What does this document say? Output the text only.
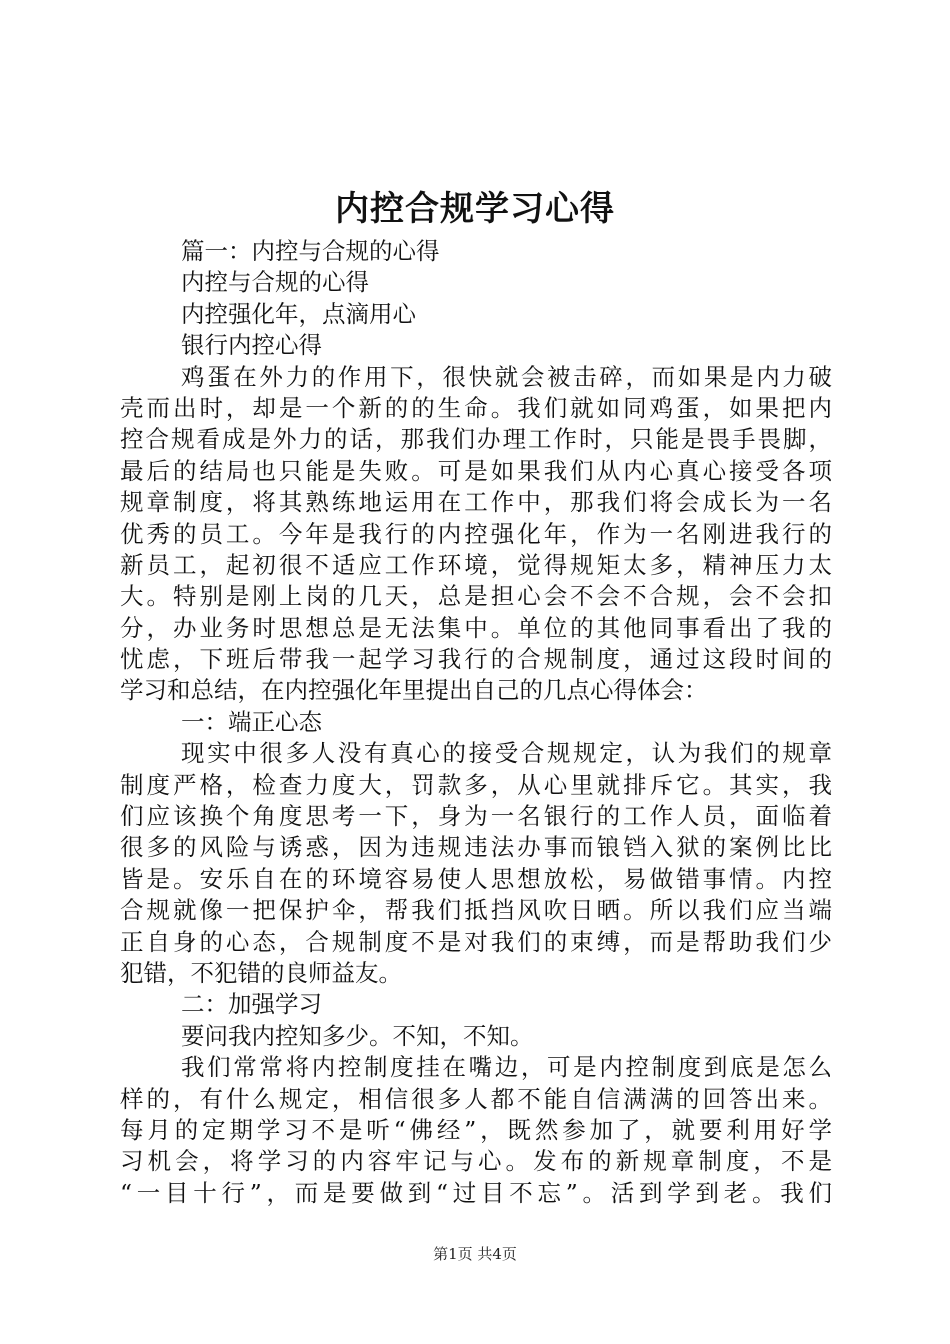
内控合规学习心得
篇一：内控与合规的心得
内控与合规的心得
内控强化年，点滴用心
银行内控心得
鸡蛋在外力的作用下，很快就会被击碎，而如果是内力破
壳而出时，却是一个新的的生命。我们就如同鸡蛋，如果把内
控合规看成是外力的话，那我们办理工作时，只能是畏手畏脚，
最后的结局也只能是失败。可是如果我们从内心真心接受各项
规章制度，将其熟练地运用在工作中，那我们将会成长为一名
优秀的员工。今年是我行的内控强化年，作为一名刚进我行的
新员工，起初很不适应工作环境，觉得规矩太多，精神压力太
大。特别是刚上岗的几天，总是担心会不会不合规，会不会扣
分，办业务时思想总是无法集中。单位的其他同事看出了我的
忧虑，下班后带我一起学习我行的合规制度，通过这段时间的
学习和总结，在内控强化年里提出自己的几点心得体会：
一：端正心态
现实中很多人没有真心的接受合规规定，认为我们的规章
制度严格，检查力度大，罚款多，从心里就排斥它。其实，我
们应该换个角度思考一下，身为一名银行的工作人员，面临着
很多的风险与诱惑，因为违规违法办事而锒铛入狱的案例比比
皆是。安乐自在的环境容易使人思想放松，易做错事情。内控
合规就像一把保护伞，帮我们抵挡风吹日晒。所以我们应当端
正自身的心态，合规制度不是对我们的束缚，而是帮助我们少
犯错，不犯错的良师益友。
二：加强学习
要问我内控知多少。不知，不知。
我们常常将内控制度挂在嘴边，可是内控制度到底是怎么
样的，有什么规定，相信很多人都不能自信满满的回答出来。
每月的定期学习不是听“佛经”，既然参加了，就要利用好学
习机会，将学习的内容牢记与心。发布的新规章制度，不是
“一目十行”，而是要做到“过目不忘”。活到学到老。我们
第1页 共4页
